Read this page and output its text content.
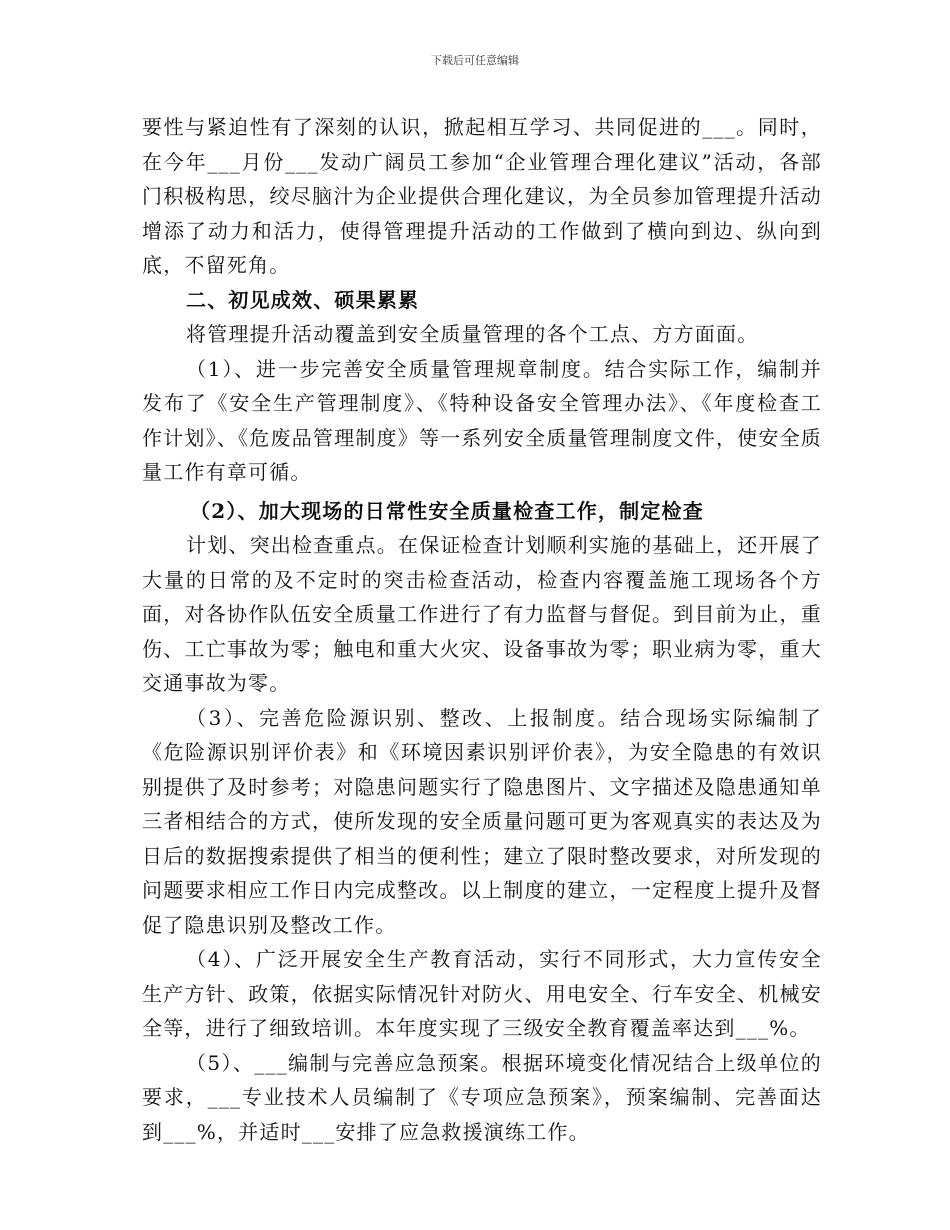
下载后可任意编辑

要性与紧迫性有了深刻的认识，掀起相互学习、共同促进的___。同时，在今年___月份___发动广阔员工参加“企业管理合理化建议”活动，各部门积极构思，绞尽脑汁为企业提供合理化建议，为全员参加管理提升活动增添了动力和活力，使得管理提升活动的工作做到了横向到边、纵向到底，不留死角。

二、初见成效、硕果累累

将管理提升活动覆盖到安全质量管理的各个工点、方方面面。

（1）、进一步完善安全质量管理规章制度。结合实际工作，编制并发布了《安全生产管理制度》、《特种设备安全管理办法》、《年度检查工作计划》、《危废品管理制度》等一系列安全质量管理制度文件，使安全质量工作有章可循。

（2）、加大现场的日常性安全质量检查工作，制定检查

计划、突出检查重点。在保证检查计划顺利实施的基础上，还开展了大量的日常的及不定时的突击检查活动，检查内容覆盖施工现场各个方面，对各协作队伍安全质量工作进行了有力监督与督促。到目前为止，重伤、工亡事故为零；触电和重大火灾、设备事故为零；职业病为零，重大交通事故为零。

（3）、完善危险源识别、整改、上报制度。结合现场实际编制了《危险源识别评价表》和《环境因素识别评价表》，为安全隐患的有效识别提供了及时参考；对隐患问题实行了隐患图片、文字描述及隐患通知单三者相结合的方式，使所发现的安全质量问题可更为客观真实的表达及为日后的数据搜索提供了相当的便利性；建立了限时整改要求，对所发现的问题要求相应工作日内完成整改。以上制度的建立，一定程度上提升及督促了隐患识别及整改工作。

（4）、广泛开展安全生产教育活动，实行不同形式，大力宣传安全生产方针、政策，依据实际情况针对防火、用电安全、行车安全、机械安全等，进行了细致培训。本年度实现了三级安全教育覆盖率达到___%。

（5）、___编制与完善应急预案。根据环境变化情况结合上级单位的要求，___专业技术人员编制了《专项应急预案》，预案编制、完善面达到___%，并适时___安排了应急救援演练工作。
